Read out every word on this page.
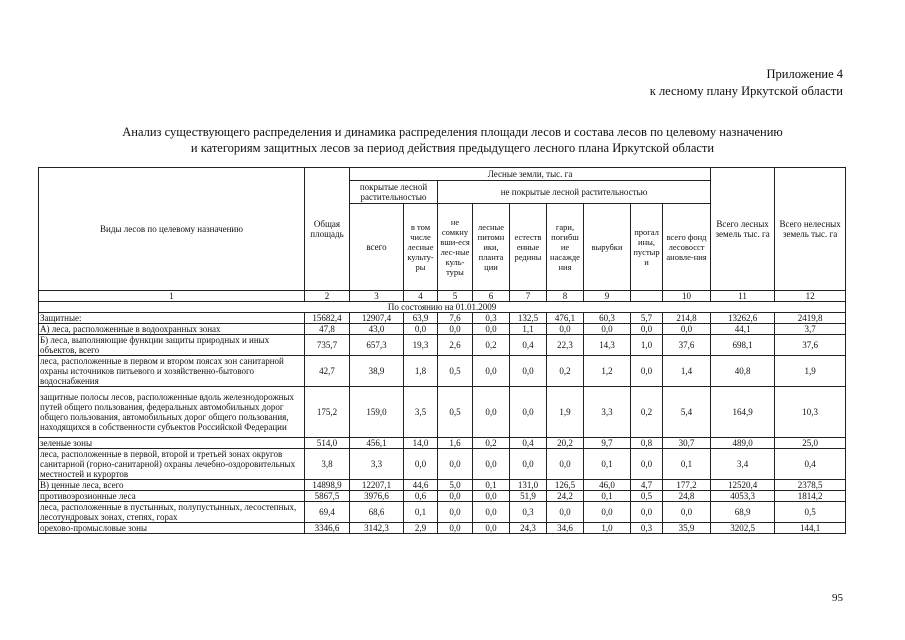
Приложение 4
к лесному плану Иркутской области
Анализ существующего распределения и динамика распределения площади лесов и состава лесов по целевому назначению
и категориям защитных лесов за период действия предыдущего лесного плана Иркутской области
Виды лесов по целевому назначению	Общая площадь	Лесные земли, тыс. га									Всего лесных земель тыс. га	Всего нелесных земель тыс. га
		покрытые лесной растительностью		не покрытые лесной растительностью								
		всего	в том числе лесные культу-ры	не сомкну вши-еся лес-ные куль-туры	лесные питомн ики, планта ции	естеств енные редины	гари, погибш ие насажде ния	вырубки	прогал ины, пустыр и	всего фонд лесовосст ановле-ния		
1	2	3	4	5	6	7	8	9		10	11	12
По состоянию на 01.01.2009												
Защитные:	15682,4	12907,4	63,9	7,6	0,3	132,5	476,1	60,3	5,7	214,8	13262,6	2419,8
А) леса, расположенные в водоохранных зонах	47,8	43,0	0,0	0,0	0,0	1,1	0,0	0,0	0,0	0,0	44,1	3,7
Б) леса, выполняющие функции защиты природных и иных объектов, всего	735,7	657,3	19,3	2,6	0,2	0,4	22,3	14,3	1,0	37,6	698,1	37,6
леса, расположенные в первом и втором поясах зон санитарной охраны источников питьевого и хозяйственно-бытового водоснабжения	42,7	38,9	1,8	0,5	0,0	0,0	0,2	1,2	0,0	1,4	40,8	1,9
защитные полосы лесов, расположенные вдоль железнодорожных путей общего пользования, федеральных автомобильных дорог общего пользования, автомобильных дорог общего пользования, находящихся в собственности субъектов Российской Федерации	175,2	159,0	3,5	0,5	0,0	0,0	1,9	3,3	0,2	5,4	164,9	10,3
зеленые зоны	514,0	456,1	14,0	1,6	0,2	0,4	20,2	9,7	0,8	30,7	489,0	25,0
леса, расположенные в первой, второй и третьей зонах округов санитарной (горно-санитарной) охраны лечебно-оздоровительных местностей и курортов	3,8	3,3	0,0	0,0	0,0	0,0	0,0	0,1	0,0	0,1	3,4	0,4
В) ценные леса, всего	14898,9	12207,1	44,6	5,0	0,1	131,0	126,5	46,0	4,7	177,2	12520,4	2378,5
противоэрозионные леса	5867,5	3976,6	0,6	0,0	0,0	51,9	24,2	0,1	0,5	24,8	4053,3	1814,2
леса, расположенные в пустынных, полупустынных, лесостепных, лесотундровых зонах, степях, горах	69,4	68,6	0,1	0,0	0,0	0,3	0,0	0,0	0,0	0,0	68,9	0,5
орехово-промысловые зоны	3346,6	3142,3	2,9	0,0	0,0	24,3	34,6	1,0	0,3	35,9	3202,5	144,1
95
